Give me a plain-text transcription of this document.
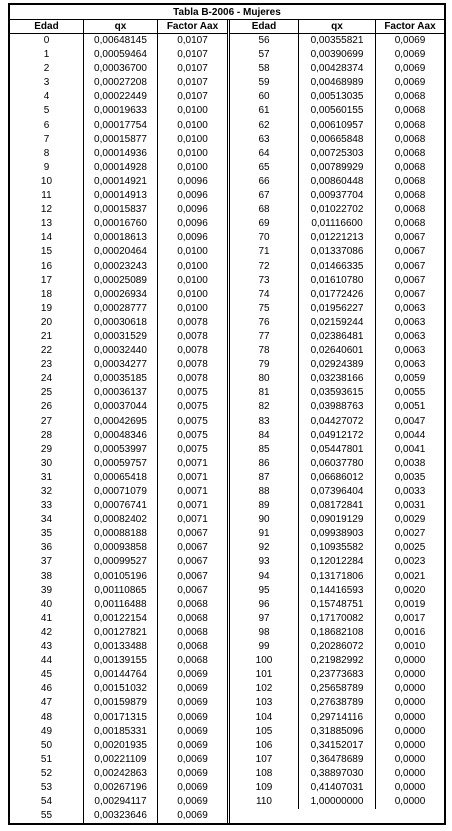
Tabla B-2006 - Mujeres
Edad	qx	Factor Aax
0	0,00648145	0,0107
1	0,00059464	0,0107
2	0,00036700	0,0107
3	0,00027208	0,0107
4	0,00022449	0,0107
5	0,00019633	0,0100
6	0,00017754	0,0100
7	0,00015877	0,0100
8	0,00014936	0,0100
9	0,00014928	0,0100
10	0,00014921	0,0096
11	0,00014913	0,0096
12	0,00015837	0,0096
13	0,00016760	0,0096
14	0,00018613	0,0096
15	0,00020464	0,0100
16	0,00023243	0,0100
17	0,00025089	0,0100
18	0,00026934	0,0100
19	0,00028777	0,0100
20	0,00030618	0,0078
21	0,00031529	0,0078
22	0,00032440	0,0078
23	0,00034277	0,0078
24	0,00035185	0,0078
25	0,00036137	0,0075
26	0,00037044	0,0075
27	0,00042695	0,0075
28	0,00048346	0,0075
29	0,00053997	0,0075
30	0,00059757	0,0071
31	0,00065418	0,0071
32	0,00071079	0,0071
33	0,00076741	0,0071
34	0,00082402	0,0071
35	0,00088188	0,0067
36	0,00093858	0,0067
37	0,00099527	0,0067
38	0,00105196	0,0067
39	0,00110865	0,0067
40	0,00116488	0,0068
41	0,00122154	0,0068
42	0,00127821	0,0068
43	0,00133488	0,0068
44	0,00139155	0,0068
45	0,00144764	0,0069
46	0,00151032	0,0069
47	0,00159879	0,0069
48	0,00171315	0,0069
49	0,00185331	0,0069
50	0,00201935	0,0069
51	0,00221109	0,0069
52	0,00242863	0,0069
53	0,00267196	0,0069
54	0,00294117	0,0069
55	0,00323646	0,0069
Edad	qx	Factor Aax
56	0,00355821	0,0069
57	0,00390699	0,0069
58	0,00428374	0,0069
59	0,00468989	0,0069
60	0,00513035	0,0068
61	0,00560155	0,0068
62	0,00610957	0,0068
63	0,00665848	0,0068
64	0,00725303	0,0068
65	0,00789929	0,0068
66	0,00860448	0,0068
67	0,00937704	0,0068
68	0,01022702	0,0068
69	0,01116600	0,0068
70	0,01221213	0,0067
71	0,01337086	0,0067
72	0,01466335	0,0067
73	0,01610780	0,0067
74	0,01772426	0,0067
75	0,01956227	0,0063
76	0,02159244	0,0063
77	0,02386481	0,0063
78	0,02640601	0,0063
79	0,02924389	0,0063
80	0,03238166	0,0059
81	0,03593615	0,0055
82	0,03988763	0,0051
83	0,04427072	0,0047
84	0,04912172	0,0044
85	0,05447801	0,0041
86	0,06037780	0,0038
87	0,06686012	0,0035
88	0,07396404	0,0033
89	0,08172841	0,0031
90	0,09019129	0,0029
91	0,09938903	0,0027
92	0,10935582	0,0025
93	0,12012284	0,0023
94	0,13171806	0,0021
95	0,14416593	0,0020
96	0,15748751	0,0019
97	0,17170082	0,0017
98	0,18682108	0,0016
99	0,20286072	0,0010
100	0,21982992	0,0000
101	0,23773683	0,0000
102	0,25658789	0,0000
103	0,27638789	0,0000
104	0,29714116	0,0000
105	0,31885096	0,0000
106	0,34152017	0,0000
107	0,36478689	0,0000
108	0,38897030	0,0000
109	0,41407031	0,0000
110	1,00000000	0,0000
